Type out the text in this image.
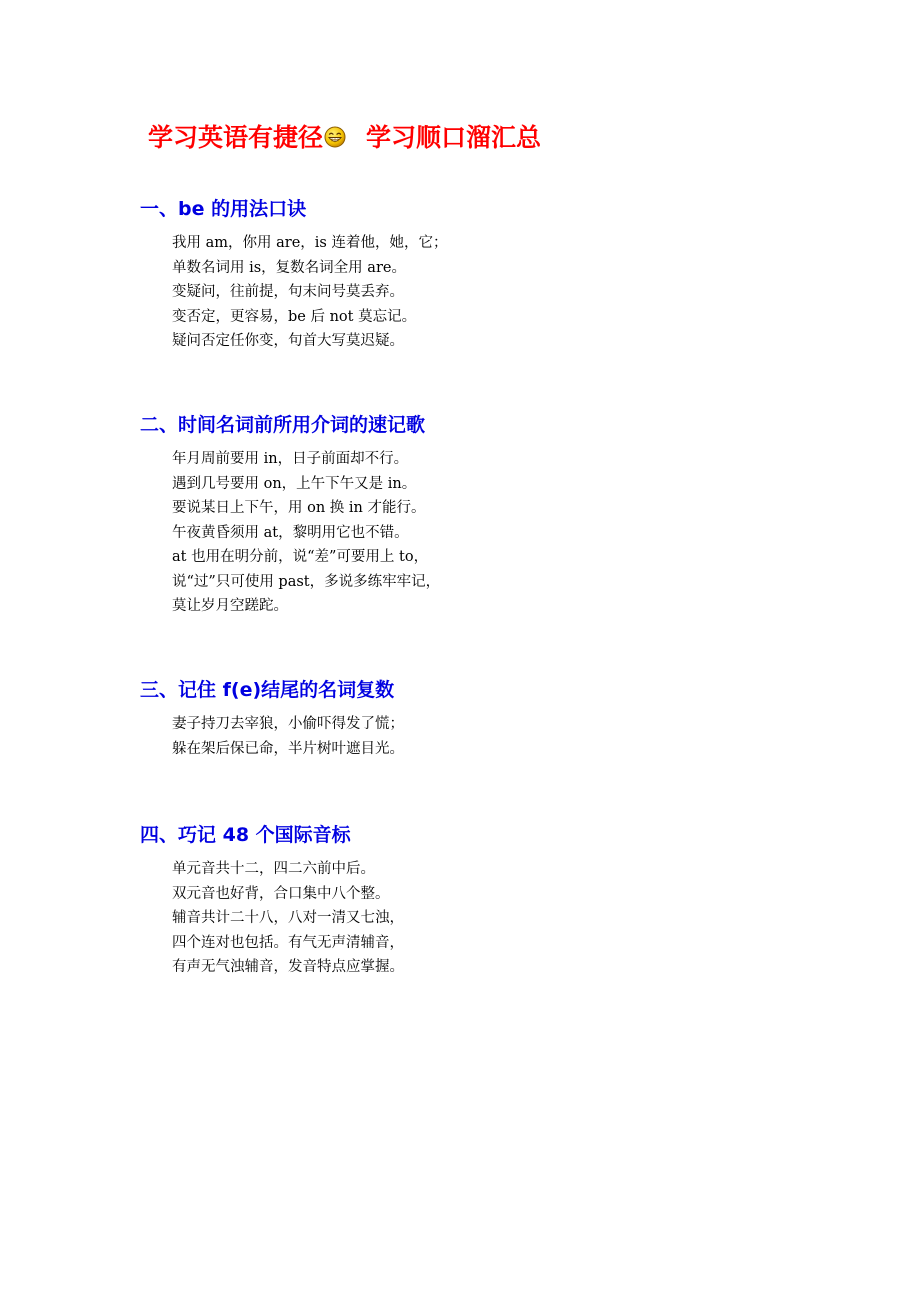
学习英语有捷径 学习顺口溜汇总
一、be 的用法口诀
我用 am，你用 are，is 连着他，她，它；
单数名词用 is，复数名词全用 are。
变疑问，往前提，句末问号莫丢弃。
变否定，更容易，be 后 not 莫忘记。
疑问否定任你变，句首大写莫迟疑。
二、时间名词前所用介词的速记歌
年月周前要用 in，日子前面却不行。
遇到几号要用 on，上午下午又是 in。
要说某日上下午，用 on 换 in 才能行。
午夜黄昏须用 at，黎明用它也不错。
at 也用在明分前，说“差”可要用上 to，
说“过”只可使用 past，多说多练牢牢记，
莫让岁月空蹉跎。
三、记住 f(e)结尾的名词复数
妻子持刀去宰狼，小偷吓得发了慌；
躲在架后保已命，半片树叶遮目光。
四、巧记 48 个国际音标
单元音共十二，四二六前中后。
双元音也好背，合口集中八个整。
辅音共计二十八，八对一清又七浊，
四个连对也包括。有气无声清辅音，
有声无气浊辅音，发音特点应掌握。
